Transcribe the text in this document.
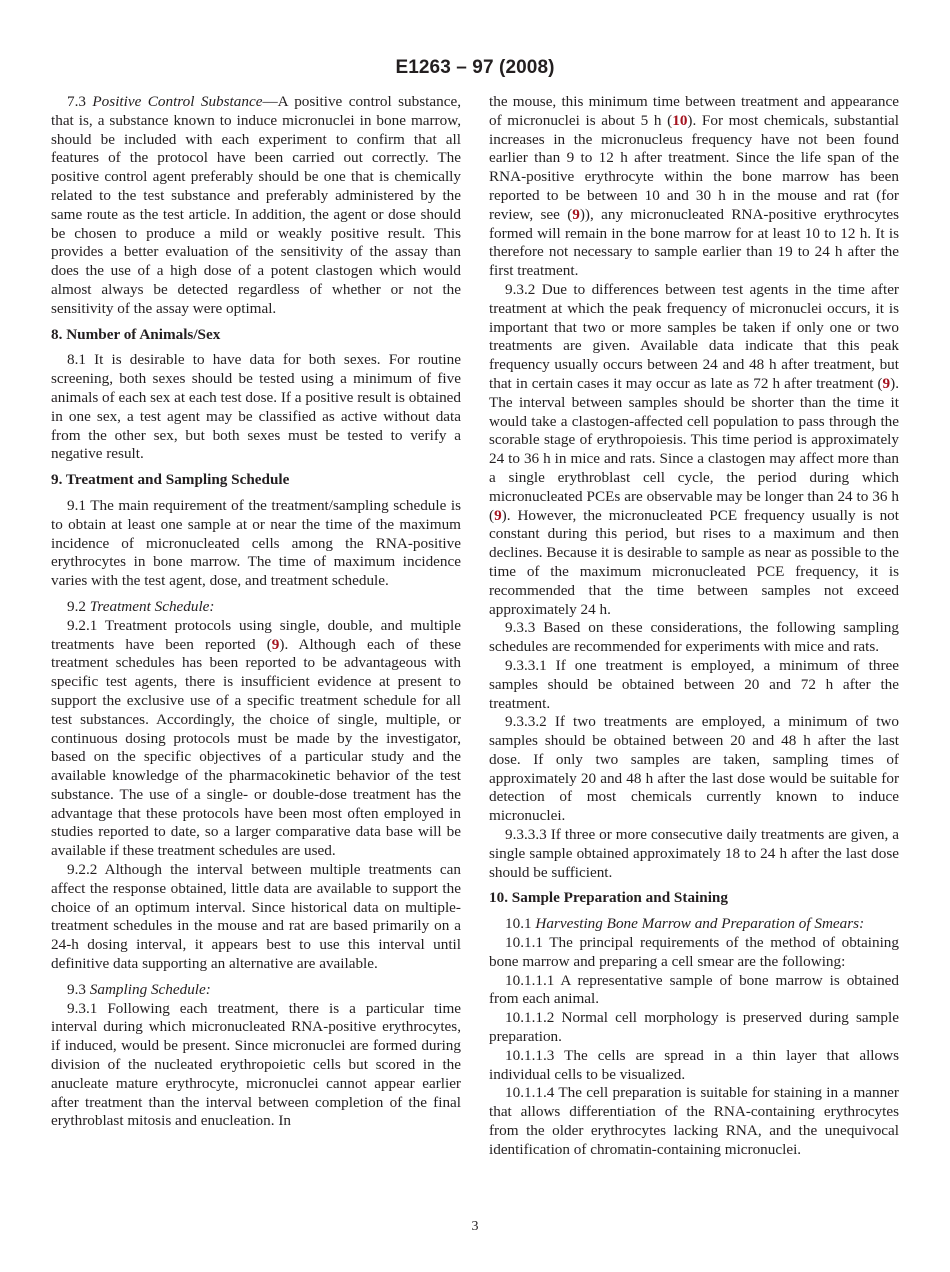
E1263 – 97 (2008)

7.3 Positive Control Substance—A positive control substance, that is, a substance known to induce micronuclei in bone marrow, should be included with each experiment to confirm that all features of the protocol have been carried out correctly. The positive control agent preferably should be one that is chemically related to the test substance and preferably administered by the same route as the test article. In addition, the agent or dose should be chosen to produce a mild or weakly positive result. This provides a better evaluation of the sensitivity of the assay than does the use of a high dose of a potent clastogen which would almost always be detected regardless of whether or not the sensitivity of the assay were optimal.

8. Number of Animals/Sex

8.1 It is desirable to have data for both sexes. For routine screening, both sexes should be tested using a minimum of five animals of each sex at each test dose. If a positive result is obtained in one sex, a test agent may be classified as active without data from the other sex, but both sexes must be tested to verify a negative result.

9. Treatment and Sampling Schedule

9.1 The main requirement of the treatment/sampling schedule is to obtain at least one sample at or near the time of the maximum incidence of micronucleated cells among the RNA-positive erythrocytes in bone marrow. The time of maximum incidence varies with the test agent, dose, and treatment schedule.

9.2 Treatment Schedule:

9.2.1 Treatment protocols using single, double, and multiple treatments have been reported (9). Although each of these treatment schedules has been reported to be advantageous with specific test agents, there is insufficient evidence at present to support the exclusive use of a specific treatment schedule for all test substances. Accordingly, the choice of single, multiple, or continuous dosing protocols must be made by the investigator, based on the specific objectives of a particular study and the available knowledge of the pharmacokinetic behavior of the test substance. The use of a single- or double-dose treatment has the advantage that these protocols have been most often employed in studies reported to date, so a larger comparative data base will be available if these treatment schedules are used.

9.2.2 Although the interval between multiple treatments can affect the response obtained, little data are available to support the choice of an optimum interval. Since historical data on multiple-treatment schedules in the mouse and rat are based primarily on a 24-h dosing interval, it appears best to use this interval until definitive data supporting an alternative are available.

9.3 Sampling Schedule:

9.3.1 Following each treatment, there is a particular time interval during which micronucleated RNA-positive erythrocytes, if induced, would be present. Since micronuclei are formed during division of the nucleated erythropoietic cells but scored in the anucleate mature erythrocyte, micronuclei cannot appear earlier after treatment than the interval between completion of the final erythroblast mitosis and enucleation. In

the mouse, this minimum time between treatment and appearance of micronuclei is about 5 h (10). For most chemicals, substantial increases in the micronucleus frequency have not been found earlier than 9 to 12 h after treatment. Since the life span of the RNA-positive erythrocyte within the bone marrow has been reported to be between 10 and 30 h in the mouse and rat (for review, see (9)), any micronucleated RNA-positive erythrocytes formed will remain in the bone marrow for at least 10 to 12 h. It is therefore not necessary to sample earlier than 19 to 24 h after the first treatment.

9.3.2 Due to differences between test agents in the time after treatment at which the peak frequency of micronuclei occurs, it is important that two or more samples be taken if only one or two treatments are given. Available data indicate that this peak frequency usually occurs between 24 and 48 h after treatment, but that in certain cases it may occur as late as 72 h after treatment (9). The interval between samples should be shorter than the time it would take a clastogen-affected cell population to pass through the scorable stage of erythropoiesis. This time period is approximately 24 to 36 h in mice and rats. Since a clastogen may affect more than a single erythroblast cell cycle, the period during which micronucleated PCEs are observable may be longer than 24 to 36 h (9). However, the micronucleated PCE frequency usually is not constant during this period, but rises to a maximum and then declines. Because it is desirable to sample as near as possible to the time of the maximum micronucleated PCE frequency, it is recommended that the time between samples not exceed approximately 24 h.

9.3.3 Based on these considerations, the following sampling schedules are recommended for experiments with mice and rats.

9.3.3.1 If one treatment is employed, a minimum of three samples should be obtained between 20 and 72 h after the treatment.

9.3.3.2 If two treatments are employed, a minimum of two samples should be obtained between 20 and 48 h after the last dose. If only two samples are taken, sampling times of approximately 20 and 48 h after the last dose would be suitable for detection of most chemicals currently known to induce micronuclei.

9.3.3.3 If three or more consecutive daily treatments are given, a single sample obtained approximately 18 to 24 h after the last dose should be sufficient.

10. Sample Preparation and Staining

10.1 Harvesting Bone Marrow and Preparation of Smears:

10.1.1 The principal requirements of the method of obtaining bone marrow and preparing a cell smear are the following:

10.1.1.1 A representative sample of bone marrow is obtained from each animal.

10.1.1.2 Normal cell morphology is preserved during sample preparation.

10.1.1.3 The cells are spread in a thin layer that allows individual cells to be visualized.

10.1.1.4 The cell preparation is suitable for staining in a manner that allows differentiation of the RNA-containing erythrocytes from the older erythrocytes lacking RNA, and the unequivocal identification of chromatin-containing micronuclei.

3
